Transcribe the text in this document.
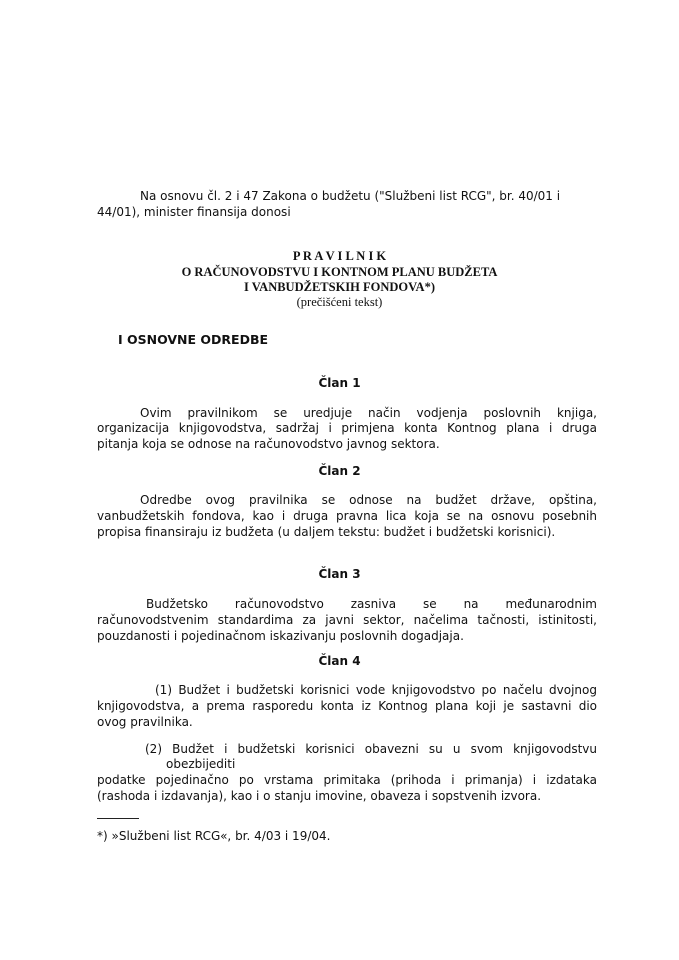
Na osnovu čl. 2 i 47 Zakona o budžetu ("Službeni list RCG", br. 40/01 i
44/01), minister finansija donosi
P R A V I L N I K
O RAČUNOVODSTVU I KONTNOM PLANU BUDŽETA
I VANBUDŽETSKIH FONDOVA*)
(prečišćeni tekst)
I OSNOVNE ODREDBE
Član 1
Ovim pravilnikom se uredjuje način vodjenja poslovnih knjiga,
organizacija knjigovodstva, sadržaj i primjena konta Kontnog plana i druga
pitanja koja se odnose na računovodstvo javnog sektora.
Član 2
Odredbe ovog pravilnika se odnose na budžet države, opština,
vanbudžetskih fondova, kao i druga pravna lica koja se na osnovu posebnih
propisa finansiraju iz budžeta (u daljem tekstu: budžet i budžetski korisnici).
Član 3
Budžetsko računovodstvo zasniva se na međunarodnim
računovodstvenim standardima za javni sektor, načelima tačnosti, istinitosti,
pouzdanosti i pojedinačnom iskazivanju poslovnih dogadjaja.
Član 4
(1) Budžet i budžetski korisnici vode knjigovodstvo po načelu dvojnog
knjigovodstva, a prema rasporedu konta iz Kontnog plana koji je sastavni dio
ovog pravilnika.
(2) Budžet i budžetski korisnici obavezni su u svom knjigovodstvu
obezbijediti
podatke pojedinačno po vrstama primitaka (prihoda i primanja) i izdataka
(rashoda i izdavanja), kao i o stanju imovine, obaveza i sopstvenih izvora.
*) »Službeni list RCG«, br. 4/03 i 19/04.
